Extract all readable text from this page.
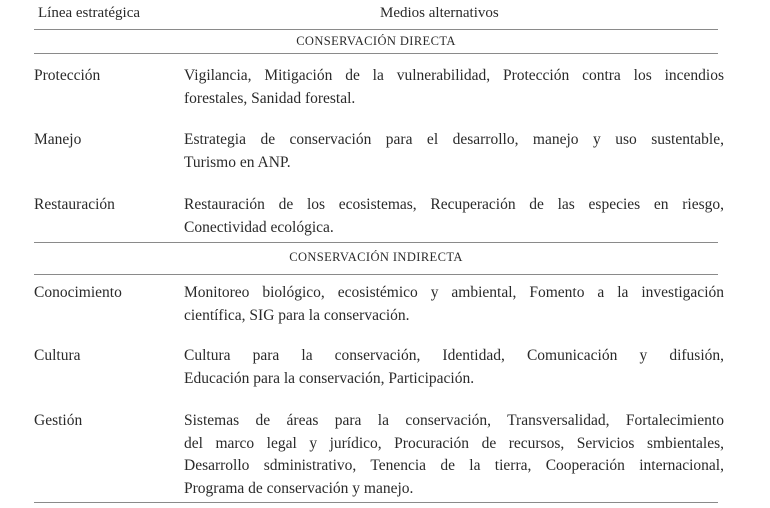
Línea estratégica	Medios alternativos
CONSERVACIÓN DIRECTA
Protección	Vigilancia, Mitigación de la vulnerabilidad, Protección contra los incendios
forestales, Sanidad forestal.
Manejo	Estrategia de conservación para el desarrollo, manejo y uso sustentable,
Turismo en ANP.
Restauración	Restauración de los ecosistemas, Recuperación de las especies en riesgo,
Conectividad ecológica.
CONSERVACIÓN INDIRECTA
Conocimiento	Monitoreo biológico, ecosistémico y ambiental, Fomento a la investigación
científica, SIG para la conservación.
Cultura	Cultura para la conservación, Identidad, Comunicación y difusión,
Educación para la conservación, Participación.
Gestión	Sistemas de áreas para la conservación, Transversalidad, Fortalecimiento
del marco legal y jurídico, Procuración de recursos, Servicios smbientales,
Desarrollo sdministrativo, Tenencia de la tierra, Cooperación internacional,
Programa de conservación y manejo.
